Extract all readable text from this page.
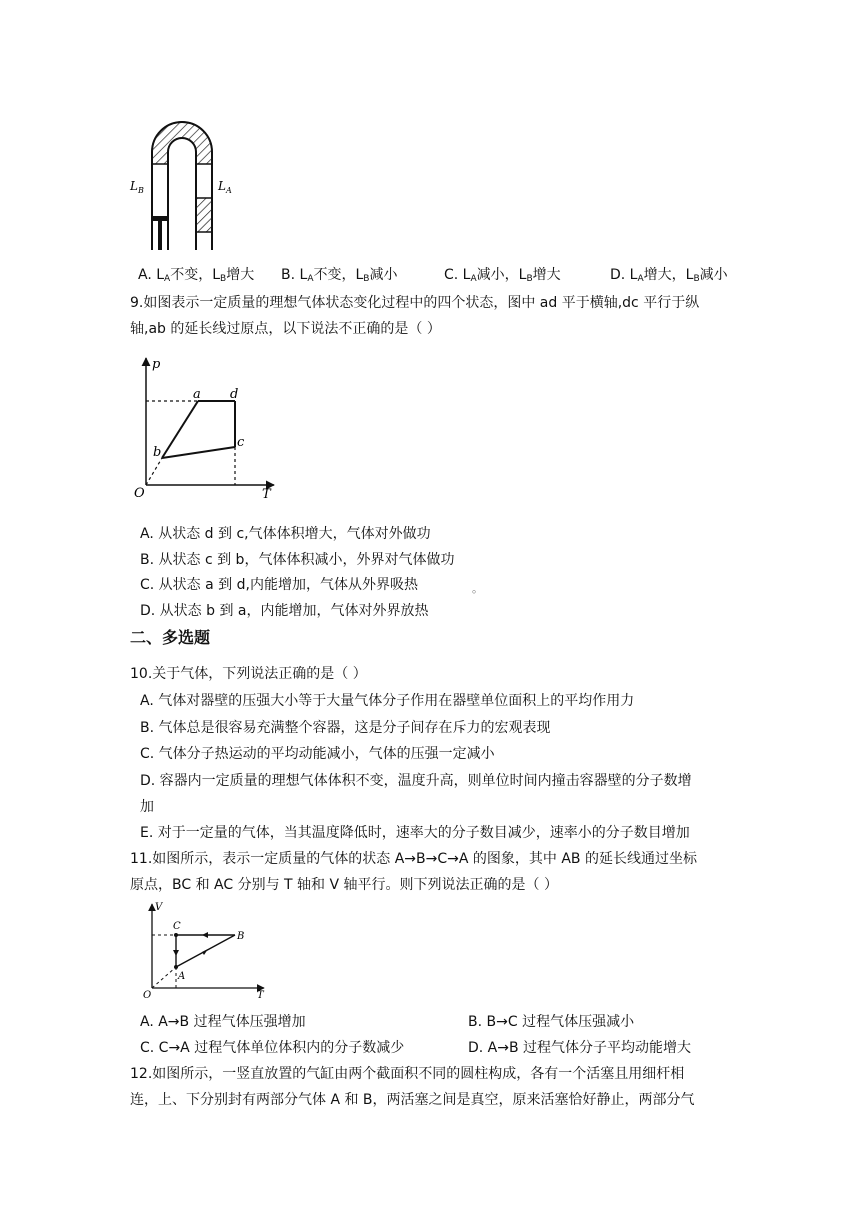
$L_B$	$L_A$
A. $L_A$不变，$L_B$增大 B. $L_A$不变，$L_B$减小	C. $L_A$减小，$L_B$增大	D. $L_A$增大，$L_B$减小
9.如图表示一定质量的理想气体状态变化过程中的四个状态，图中 ad 平于横轴,dc 平行于纵
轴,ab 的延长线过原点，以下说法不正确的是（ ）
p
T
O
a d
c
b
A. 从状态 d 到 c,气体体积增大，气体对外做功
B. 从状态 c 到 b，气体体积减小，外界对气体做功
C. 从状态 a 到 d,内能增加，气体从外界吸热	。
D. 从状态 b 到 a，内能增加，气体对外界放热
二、多选题
10.关于气体，下列说法正确的是（ ）
A. 气体对器壁的压强大小等于大量气体分子作用在器壁单位面积上的平均作用力
B. 气体总是很容易充满整个容器，这是分子间存在斥力的宏观表现
C. 气体分子热运动的平均动能减小，气体的压强一定减小
D. 容器内一定质量的理想气体体积不变，温度升高，则单位时间内撞击容器壁的分子数增
加
E. 对于一定量的气体，当其温度降低时，速率大的分子数目减少，速率小的分子数目增加
11.如图所示，表示一定质量的气体的状态 A→B→C→A 的图象，其中 AB 的延长线通过坐标
原点，BC 和 AC 分别与 T 轴和 V 轴平行。则下列说法正确的是（ ）
V
T
O
A
B
C
A. A→B 过程气体压强增加	B. B→C 过程气体压强减小
C. C→A 过程气体单位体积内的分子数减少	D. A→B 过程气体分子平均动能增大
12.如图所示，一竖直放置的气缸由两个截面积不同的圆柱构成，各有一个活塞且用细杆相
连，上、下分别封有两部分气体 A 和 B，两活塞之间是真空，原来活塞恰好静止，两部分气
